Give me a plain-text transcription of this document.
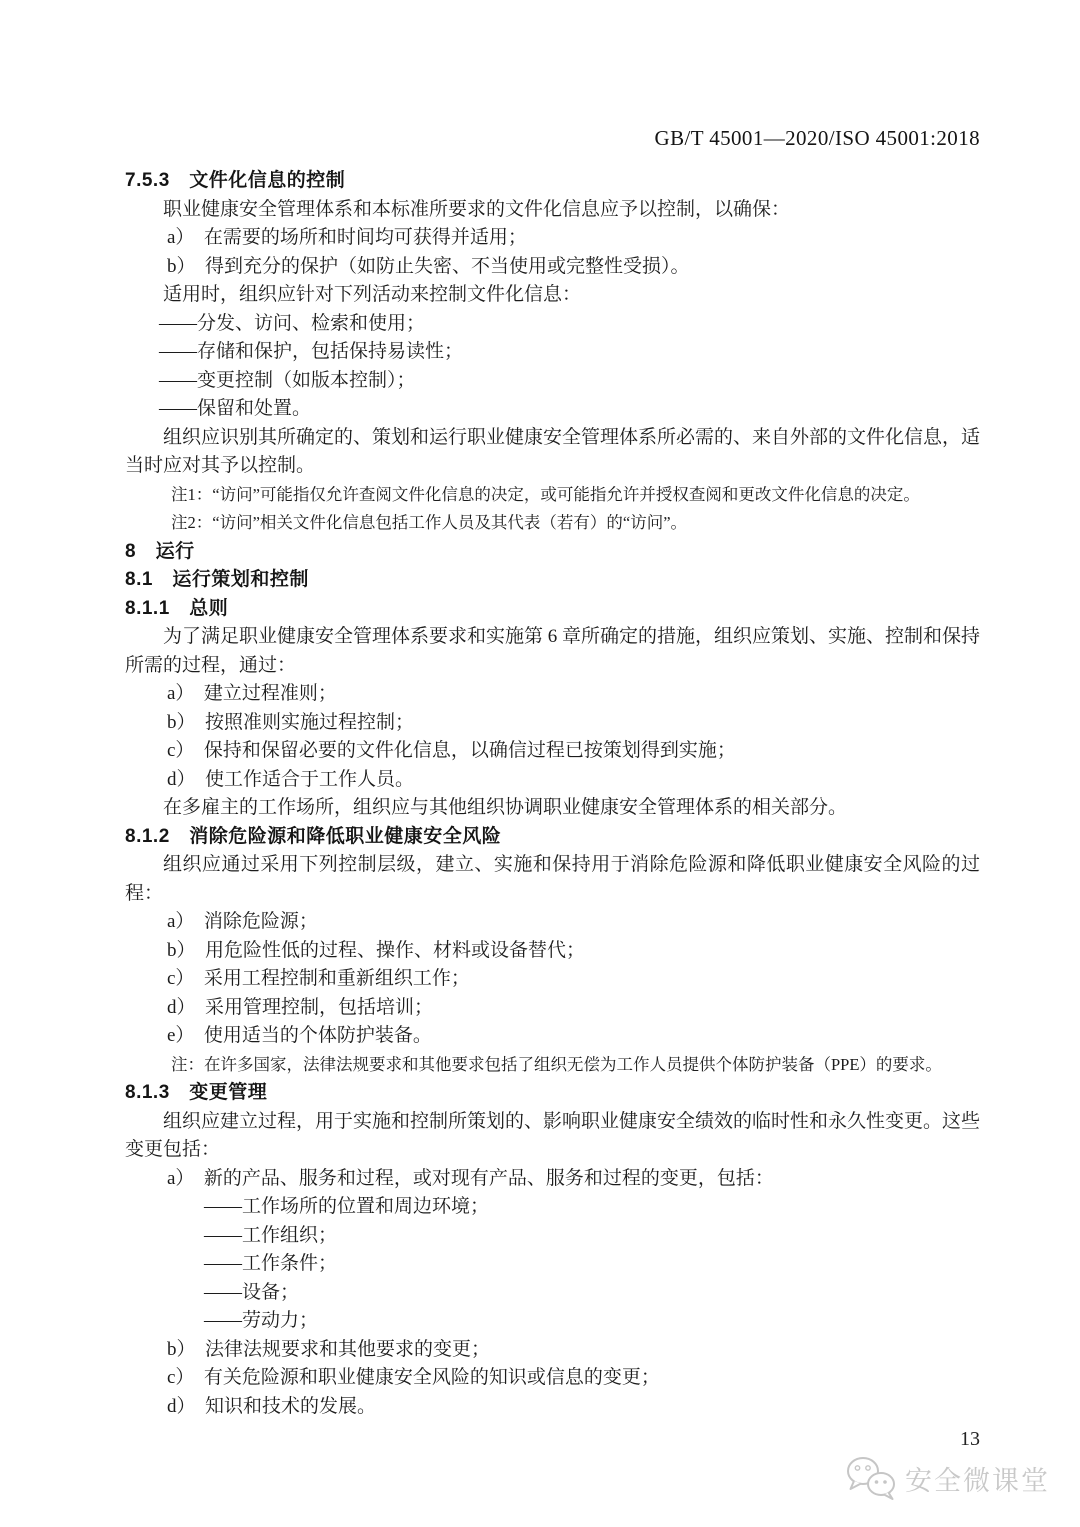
GB/T 45001—2020/ISO 45001:2018
7.5.3　文件化信息的控制
职业健康安全管理体系和本标准所要求的文件化信息应予以控制，以确保：
a）　在需要的场所和时间均可获得并适用；
b）　得到充分的保护（如防止失密、不当使用或完整性受损）。
适用时，组织应针对下列活动来控制文件化信息：
——分发、访问、检索和使用；
——存储和保护，包括保持易读性；
——变更控制（如版本控制）；
——保留和处置。
组织应识别其所确定的、策划和运行职业健康安全管理体系所必需的、来自外部的文件化信息，适当时应对其予以控制。
注1：“访问”可能指仅允许查阅文件化信息的决定，或可能指允许并授权查阅和更改文件化信息的决定。
注2：“访问”相关文件化信息包括工作人员及其代表（若有）的“访问”。
8　运行
8.1　运行策划和控制
8.1.1　总则
为了满足职业健康安全管理体系要求和实施第 6 章所确定的措施，组织应策划、实施、控制和保持所需的过程，通过：
a）　建立过程准则；
b）　按照准则实施过程控制；
c）　保持和保留必要的文件化信息，以确信过程已按策划得到实施；
d）　使工作适合于工作人员。
在多雇主的工作场所，组织应与其他组织协调职业健康安全管理体系的相关部分。
8.1.2　消除危险源和降低职业健康安全风险
组织应通过采用下列控制层级，建立、实施和保持用于消除危险源和降低职业健康安全风险的过程：
a）　消除危险源；
b）　用危险性低的过程、操作、材料或设备替代；
c）　采用工程控制和重新组织工作；
d）　采用管理控制，包括培训；
e）　使用适当的个体防护装备。
注：在许多国家，法律法规要求和其他要求包括了组织无偿为工作人员提供个体防护装备（PPE）的要求。
8.1.3　变更管理
组织应建立过程，用于实施和控制所策划的、影响职业健康安全绩效的临时性和永久性变更。这些变更包括：
a）　新的产品、服务和过程，或对现有产品、服务和过程的变更，包括：
——工作场所的位置和周边环境；
——工作组织；
——工作条件；
——设备；
——劳动力；
b）　法律法规要求和其他要求的变更；
c）　有关危险源和职业健康安全风险的知识或信息的变更；
d）　知识和技术的发展。
13
安全微课堂
